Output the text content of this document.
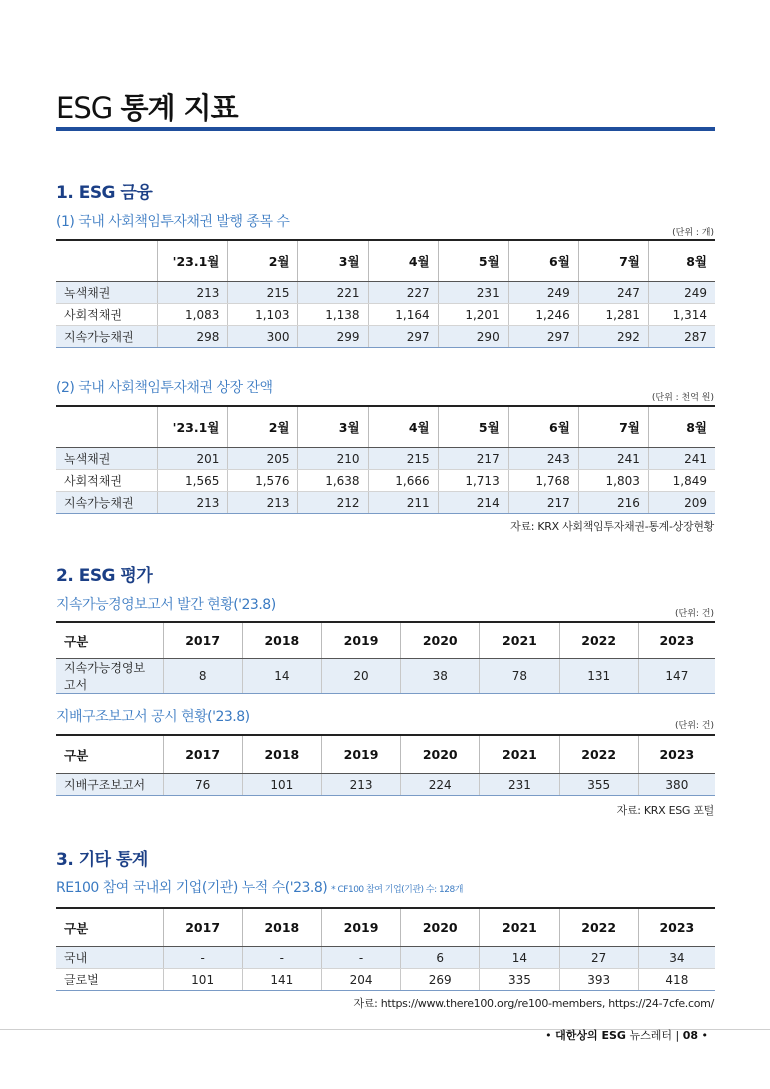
ESG 통계 지표
1. ESG 금융
(1) 국내 사회책임투자채권 발행 종목 수
(단위 : 개)
	'23.1월	2월	3월	4월	5월	6월	7월	8월
녹색채권	213	215	221	227	231	249	247	249
사회적채권	1,083	1,103	1,138	1,164	1,201	1,246	1,281	1,314
지속가능채권	298	300	299	297	290	297	292	287
(2) 국내 사회책임투자채권 상장 잔액
(단위 : 천억 원)
	'23.1월	2월	3월	4월	5월	6월	7월	8월
녹색채권	201	205	210	215	217	243	241	241
사회적채권	1,565	1,576	1,638	1,666	1,713	1,768	1,803	1,849
지속가능채권	213	213	212	211	214	217	216	209
자료: KRX 사회책임투자채권-통계-상장현황
2. ESG 평가
지속가능경영보고서 발간 현황('23.8)
(단위: 건)
구분	2017	2018	2019	2020	2021	2022	2023
지속가능경영보고서	8	14	20	38	78	131	147
지배구조보고서 공시 현황('23.8)
(단위: 건)
구분	2017	2018	2019	2020	2021	2022	2023
지배구조보고서	76	101	213	224	231	355	380
자료: KRX ESG 포털
3. 기타 통계
RE100 참여 국내외 기업(기관) 누적 수('23.8) * CF100 참여 기업(기관) 수: 128개
구분	2017	2018	2019	2020	2021	2022	2023
국내	-	-	-	6	14	27	34
글로벌	101	141	204	269	335	393	418
자료: https://www.there100.org/re100-members, https://24-7cfe.com/
• 대한상의 ESG 뉴스레터 | 08 •
